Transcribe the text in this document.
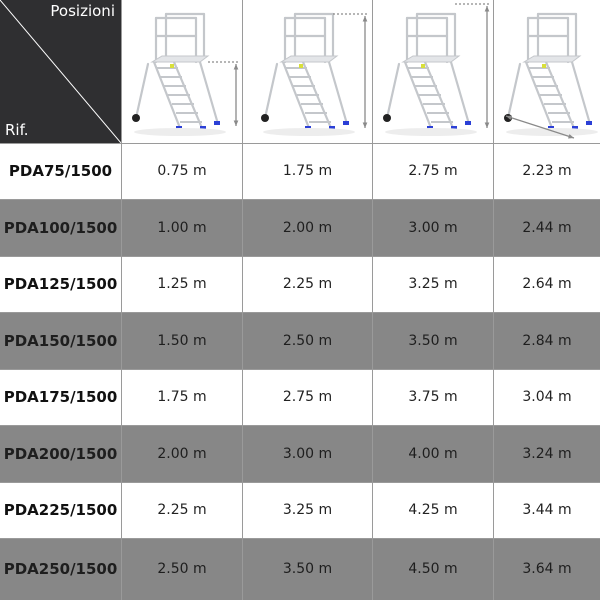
Posizioni
Rif.
PDA75/1500	0.75 m	1.75 m	2.75 m	2.23 m
PDA100/1500	1.00 m	2.00 m	3.00 m	2.44 m
PDA125/1500	1.25 m	2.25 m	3.25 m	2.64 m
PDA150/1500	1.50 m	2.50 m	3.50 m	2.84 m
PDA175/1500	1.75 m	2.75 m	3.75 m	3.04 m
PDA200/1500	2.00 m	3.00 m	4.00 m	3.24 m
PDA225/1500	2.25 m	3.25 m	4.25 m	3.44 m
PDA250/1500	2.50 m	3.50 m	4.50 m	3.64 m
